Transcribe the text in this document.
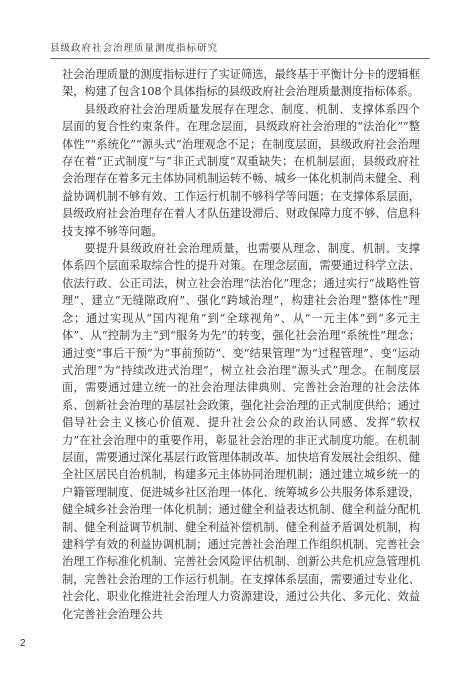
县级政府社会治理质量测度指标研究

社会治理质量的测度指标进行了实证筛选，最终基于平衡计分卡的逻辑框架，构建了包含108个具体指标的县级政府社会治理质量测度指标体系。

县级政府社会治理质量发展存在理念、制度、机制、支撑体系四个层面的复合性约束条件。在理念层面，县级政府社会治理的“法治化”“整体性”“系统化”“源头式”治理观念不足；在制度层面，县级政府社会治理存在着“正式制度”与“非正式制度”双重缺失；在机制层面，县级政府社会治理存在着多元主体协同机制运转不畅、城乡一体化机制尚未健全、利益协调机制不够有效、工作运行机制不够科学等问题；在支撑体系层面，县级政府社会治理存在着人才队伍建设滞后、财政保障力度不够、信息科技支撑不够等问题。

要提升县级政府社会治理质量，也需要从理念、制度、机制、支撑体系四个层面采取综合性的提升对策。在理念层面，需要通过科学立法、依法行政、公正司法，树立社会治理“法治化”理念；通过实行“战略性管理”、建立“无缝隙政府”、强化“跨域治理”，构建社会治理“整体性”理念；通过实现从“国内视角”到“全球视角”、从“一元主体”到“多元主体”、从“控制为主”到“服务为先”的转变，强化社会治理“系统性”理念；通过变“事后干预”为“事前预防”、变“结果管理”为“过程管理”、变“运动式治理”为“持续改进式治理”，树立社会治理“源头式”理念。在制度层面，需要通过建立统一的社会治理法律典则、完善社会治理的社会法体系、创新社会治理的基层社会政策，强化社会治理的正式制度供给；通过倡导社会主义核心价值观、提升社会公众的政治认同感、发挥“软权力”在社会治理中的重要作用，彰显社会治理的非正式制度功能。在机制层面，需要通过深化基层行政管理体制改革、加快培育发展社会组织、健全社区居民自治机制，构建多元主体协同治理机制；通过建立城乡统一的户籍管理制度、促进城乡社区治理一体化、统筹城乡公共服务体系建设，健全城乡社会治理一体化机制；通过健全利益表达机制、健全利益分配机制、健全利益调节机制、健全利益补偿机制、健全利益矛盾调处机制，构建科学有效的利益协调机制；通过完善社会治理工作组织机制、完善社会治理工作标准化机制、完善社会风险评估机制、创新公共危机应急管理机制，完善社会治理的工作运行机制。在支撑体系层面，需要通过专业化、社会化、职业化推进社会治理人力资源建设，通过公共化、多元化、效益化完善社会治理公共

2
